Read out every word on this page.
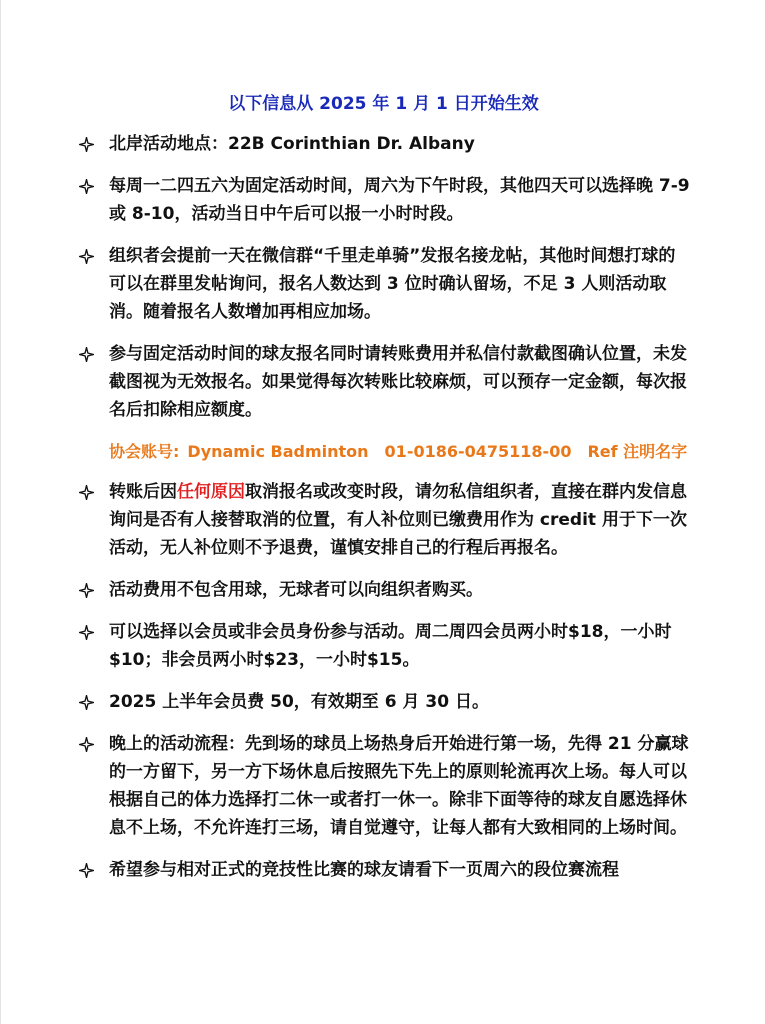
以下信息从 2025 年 1 月 1 日开始生效
北岸活动地点：22B Corinthian Dr. Albany
每周一二四五六为固定活动时间，周六为下午时段，其他四天可以选择晚 7-9 或 8-10，活动当日中午后可以报一小时时段。
组织者会提前一天在微信群“千里走单骑”发报名接龙帖，其他时间想打球的可以在群里发帖询问，报名人数达到 3 位时确认留场，不足 3 人则活动取消。随着报名人数增加再相应加场。
参与固定活动时间的球友报名同时请转账费用并私信付款截图确认位置，未发截图视为无效报名。如果觉得每次转账比较麻烦，可以预存一定金额，每次报名后扣除相应额度。
协会账号: Dynamic Badminton 01-0186-0475118-00 Ref 注明名字
转账后因任何原因取消报名或改变时段，请勿私信组织者，直接在群内发信息询问是否有人接替取消的位置，有人补位则已缴费用作为 credit 用于下一次活动，无人补位则不予退费，谨慎安排自己的行程后再报名。
活动费用不包含用球，无球者可以向组织者购买。
可以选择以会员或非会员身份参与活动。周二周四会员两小时$18，一小时$10；非会员两小时$23，一小时$15。
2025 上半年会员费 50，有效期至 6 月 30 日。
晚上的活动流程：先到场的球员上场热身后开始进行第一场，先得 21 分赢球的一方留下，另一方下场休息后按照先下先上的原则轮流再次上场。每人可以根据自己的体力选择打二休一或者打一休一。除非下面等待的球友自愿选择休息不上场，不允许连打三场，请自觉遵守，让每人都有大致相同的上场时间。
希望参与相对正式的竞技性比赛的球友请看下一页周六的段位赛流程
